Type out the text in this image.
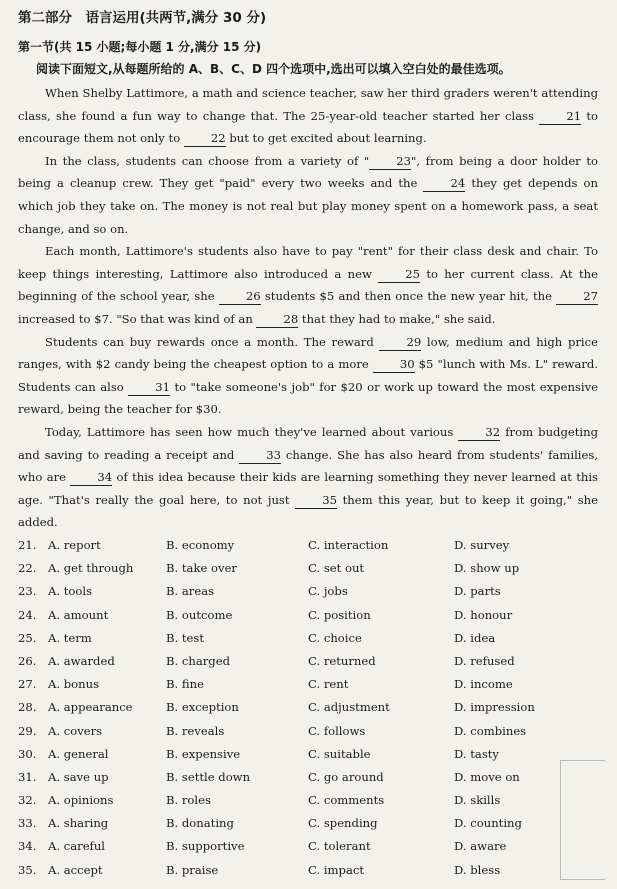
第二部分　语言运用(共两节,满分 30 分)
第一节(共 15 小题;每小题 1 分,满分 15 分)
阅读下面短文,从每题所给的 A、B、C、D 四个选项中,选出可以填入空白处的最佳选项。

When Shelby Lattimore, a math and science teacher, saw her third graders weren't attending class, she found a fun way to change that. The 25-year-old teacher started her class 21 to encourage them not only to 22 but to get excited about learning.

In the class, students can choose from a variety of " 23", from being a door holder to being a cleanup crew. They get "paid" every two weeks and the 24 they get depends on which job they take on. The money is not real but play money spent on a homework pass, a seat change, and so on.

Each month, Lattimore's students also have to pay "rent" for their class desk and chair. To keep things interesting, Lattimore also introduced a new 25 to her current class. At the beginning of the school year, she 26 students $5 and then once the new year hit, the 27 increased to $7. "So that was kind of an 28 that they had to make," she said.

Students can buy rewards once a month. The reward 29 low, medium and high price ranges, with $2 candy being the cheapest option to a more 30 $5 "lunch with Ms. L" reward. Students can also 31 to "take someone's job" for $20 or work up toward the most expensive reward, being the teacher for $30.

Today, Lattimore has seen how much they've learned about various 32 from budgeting and saving to reading a receipt and 33 change. She has also heard from students' families, who are 34 of this idea because their kids are learning something they never learned at this age. "That's really the goal here, to not just 35 them this year, but to keep it going," she added.

21. A. report	B. economy	C. interaction	D. survey
22. A. get through	B. take over	C. set out	D. show up
23. A. tools	B. areas	C. jobs	D. parts
24. A. amount	B. outcome	C. position	D. honour
25. A. term	B. test	C. choice	D. idea
26. A. awarded	B. charged	C. returned	D. refused
27. A. bonus	B. fine	C. rent	D. income
28. A. appearance	B. exception	C. adjustment	D. impression
29. A. covers	B. reveals	C. follows	D. combines
30. A. general	B. expensive	C. suitable	D. tasty
31. A. save up	B. settle down	C. go around	D. move on
32. A. opinions	B. roles	C. comments	D. skills
33. A. sharing	B. donating	C. spending	D. counting
34. A. careful	B. supportive	C. tolerant	D. aware
35. A. accept	B. praise	C. impact	D. bless
